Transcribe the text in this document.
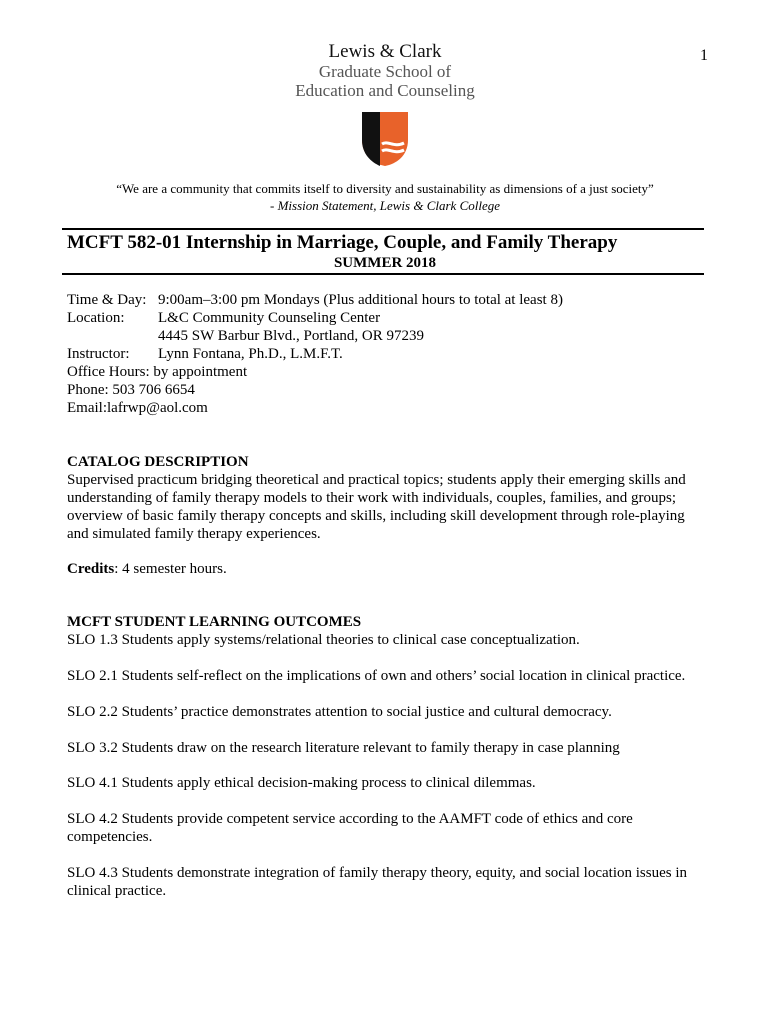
1
Lewis & Clark
Graduate School of
Education and Counseling
“We are a community that commits itself to diversity and sustainability as dimensions of a just society”
- Mission Statement, Lewis & Clark College
MCFT 582-01 Internship in Marriage, Couple, and Family Therapy
SUMMER 2018
Time & Day: 9:00am–3:00 pm Mondays (Plus additional hours to total at least 8)
Location:	L&C Community Counseling Center
4445 SW Barbur Blvd., Portland, OR 97239
Instructor:	Lynn Fontana, Ph.D., L.M.F.T.
Office Hours:
by appointment
Phone: 503 706 6654
Email:lafrwp@aol.com
CATALOG DESCRIPTION
Supervised practicum bridging theoretical and practical topics; students apply their emerging skills and
understanding of family therapy models to their work with individuals, couples, families, and groups;
overview of basic family therapy concepts and skills, including skill development through role-playing
and simulated family therapy experiences.
Credits: 4 semester hours.
MCFT STUDENT LEARNING OUTCOMES
SLO 1.3 Students apply systems/relational theories to clinical case conceptualization.
SLO 2.1 Students self-reflect on the implications of own and others’ social location in clinical practice.
SLO 2.2 Students’ practice demonstrates attention to social justice and cultural democracy.
SLO 3.2 Students draw on the research literature relevant to family therapy in case planning
SLO 4.1 Students apply ethical decision-making process to clinical dilemmas.
SLO 4.2 Students provide competent service according to the AAMFT code of ethics and core
competencies.
SLO 4.3 Students demonstrate integration of family therapy theory, equity, and social location issues in
clinical practice.
